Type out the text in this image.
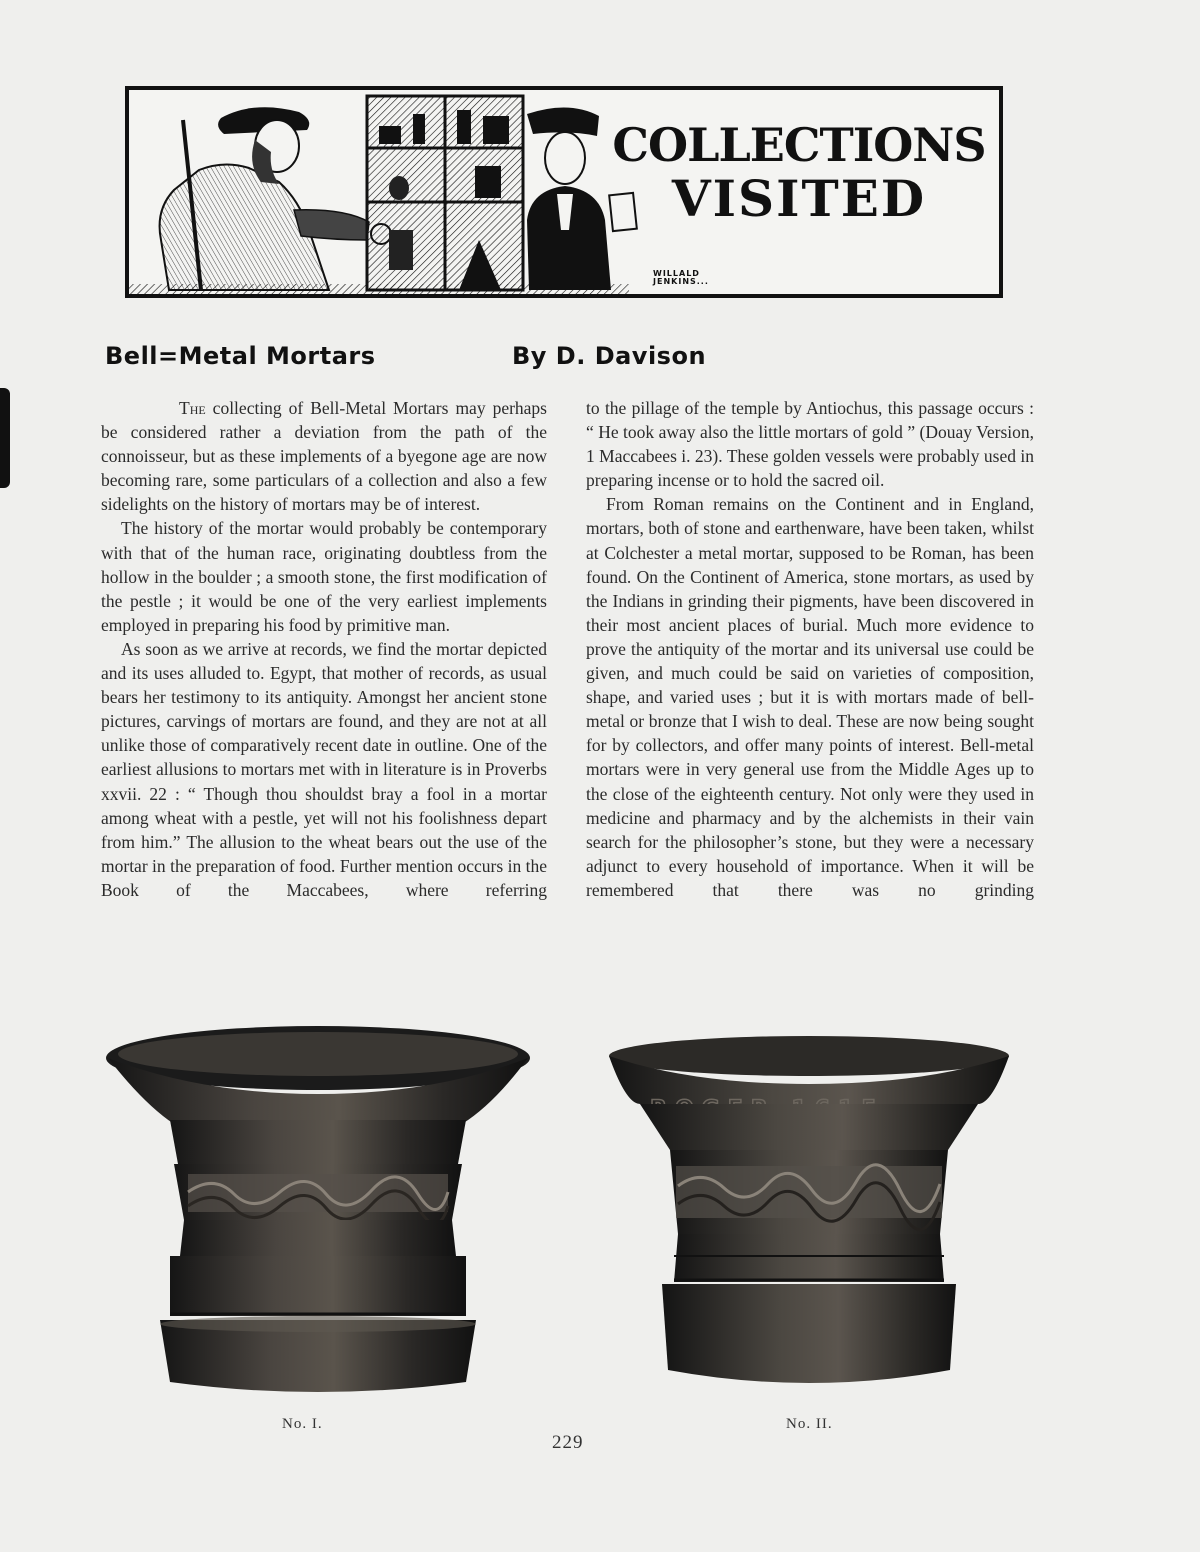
COLLECTIONS
VISITED
WILLALD
JENKINS...
Bell=Metal Mortars	By D. Davison

The collecting of Bell-Metal Mortars may perhaps be considered rather a deviation from the path of the connoisseur, but as these implements of a byegone age are now becoming rare, some particulars of a collection and also a few sidelights on the history of mortars may be of interest.

The history of the mortar would probably be contemporary with that of the human race, originating doubtless from the hollow in the boulder ; a smooth stone, the first modification of the pestle ; it would be one of the very earliest implements employed in preparing his food by primitive man.

As soon as we arrive at records, we find the mortar depicted and its uses alluded to. Egypt, that mother of records, as usual bears her testimony to its antiquity. Amongst her ancient stone pictures, carvings of mortars are found, and they are not at all unlike those of comparatively recent date in outline. One of the earliest allusions to mortars met with in literature is in Proverbs xxvii. 22 : “ Though thou shouldst bray a fool in a mortar among wheat with a pestle, yet will not his foolishness depart from him.” The allusion to the wheat bears out the use of the mortar in the preparation of food. Further mention occurs in the Book of the Maccabees, where referring

to the pillage of the temple by Antiochus, this passage occurs : “ He took away also the little mortars of gold ” (Douay Version, 1 Maccabees i. 23). These golden vessels were probably used in preparing incense or to hold the sacred oil.

From Roman remains on the Continent and in England, mortars, both of stone and earthenware, have been taken, whilst at Colchester a metal mortar, supposed to be Roman, has been found. On the Continent of America, stone mortars, as used by the Indians in grinding their pigments, have been discovered in their most ancient places of burial. Much more evidence to prove the antiquity of the mortar and its universal use could be given, and much could be said on varieties of composition, shape, and varied uses ; but it is with mortars made of bell-metal or bronze that I wish to deal. These are now being sought for by collectors, and offer many points of interest. Bell-metal mortars were in very general use from the Middle Ages up to the close of the eighteenth century. Not only were they used in medicine and pharmacy and by the alchemists in their vain search for the philosopher’s stone, but they were a necessary adjunct to every household of importance. When it will be remembered that there was no grinding

No. I.	No. II.
229
